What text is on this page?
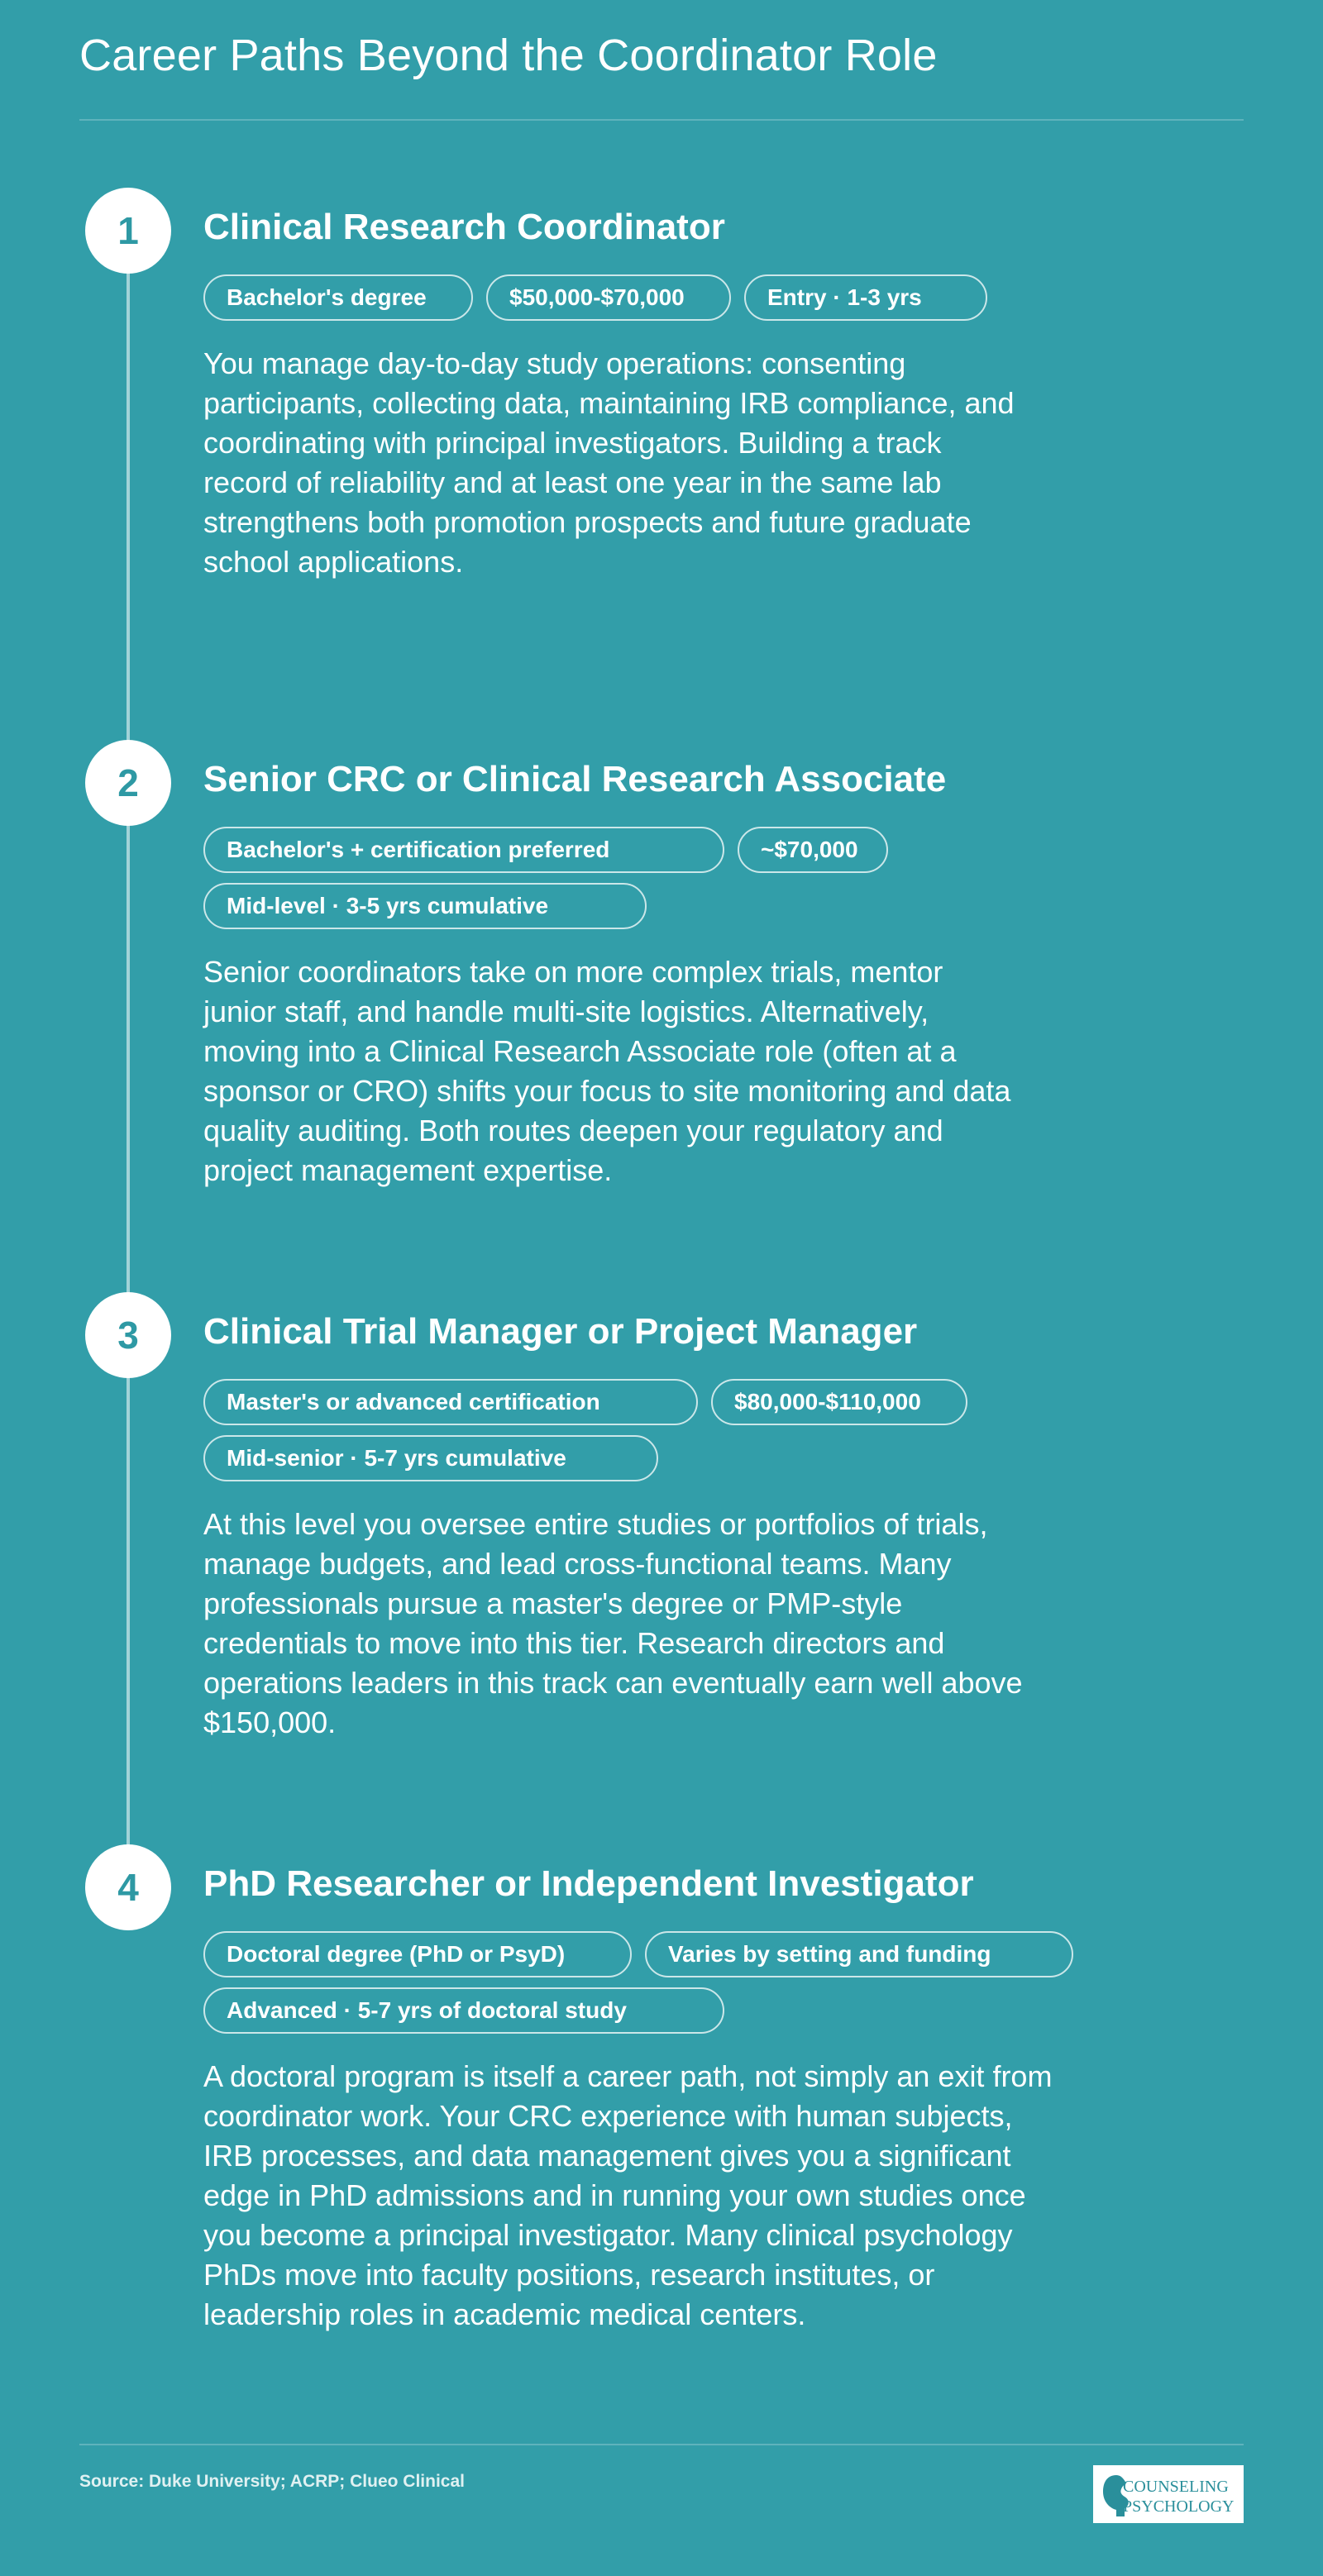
Career Paths Beyond the Coordinator Role
1	Clinical Research Coordinator
Bachelor's degree	$50,000-$70,000	Entry · 1-3 yrs

You manage day-to-day study operations: consenting participants, collecting data, maintaining IRB compliance, and coordinating with principal investigators. Building a track record of reliability and at least one year in the same lab strengthens both promotion prospects and future graduate school applications.

2	Senior CRC or Clinical Research Associate
Bachelor's + certification preferred	~$70,000
Mid-level · 3-5 yrs cumulative

Senior coordinators take on more complex trials, mentor junior staff, and handle multi-site logistics. Alternatively, moving into a Clinical Research Associate role (often at a sponsor or CRO) shifts your focus to site monitoring and data quality auditing. Both routes deepen your regulatory and project management expertise.

3	Clinical Trial Manager or Project Manager
Master's or advanced certification	$80,000-$110,000
Mid-senior · 5-7 yrs cumulative

At this level you oversee entire studies or portfolios of trials, manage budgets, and lead cross-functional teams. Many professionals pursue a master's degree or PMP-style credentials to move into this tier. Research directors and operations leaders in this track can eventually earn well above $150,000.

4	PhD Researcher or Independent Investigator
Doctoral degree (PhD or PsyD)	Varies by setting and funding
Advanced · 5-7 yrs of doctoral study

A doctoral program is itself a career path, not simply an exit from coordinator work. Your CRC experience with human subjects, IRB processes, and data management gives you a significant edge in PhD admissions and in running your own studies once you become a principal investigator. Many clinical psychology PhDs move into faculty positions, research institutes, or leadership roles in academic medical centers.

Source: Duke University; ACRP; Clueo Clinical	COUNSELING
PSYCHOLOGY
